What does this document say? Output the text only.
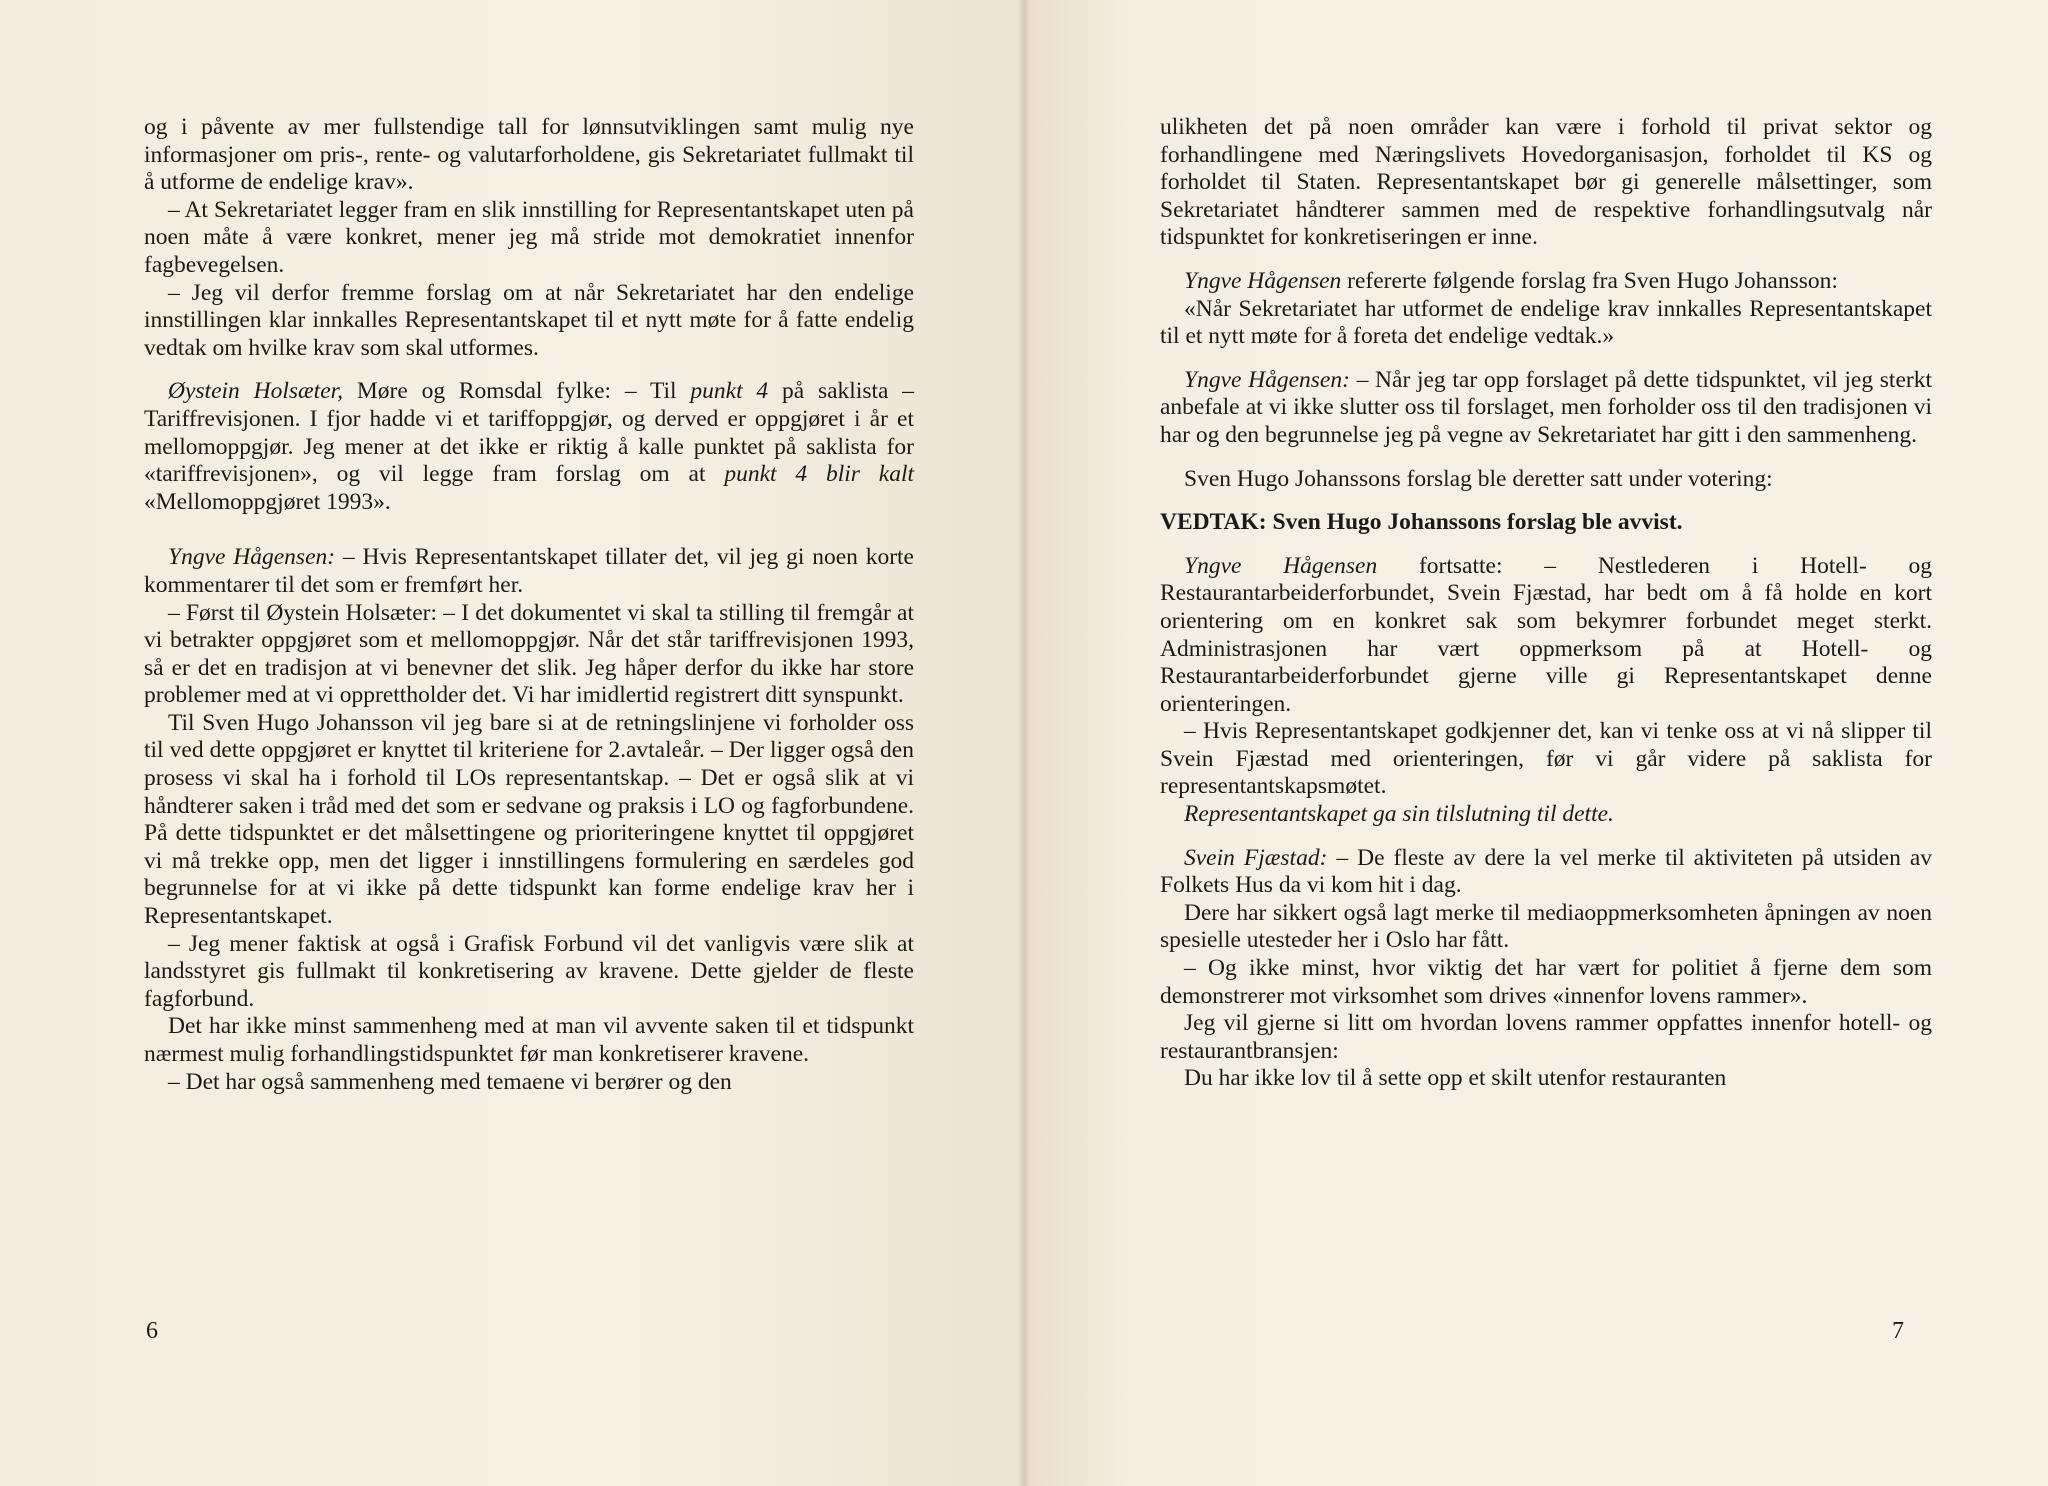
og i påvente av mer fullstendige tall for lønnsutviklingen samt mulig nye informasjoner om pris-, rente- og valutarforholdene, gis Sekretariatet fullmakt til å utforme de endelige krav».

– At Sekretariatet legger fram en slik innstilling for Representantskapet uten på noen måte å være konkret, mener jeg må stride mot demokratiet innenfor fagbevegelsen.

– Jeg vil derfor fremme forslag om at når Sekretariatet har den endelige innstillingen klar innkalles Representantskapet til et nytt møte for å fatte endelig vedtak om hvilke krav som skal utformes.

Øystein Holsæter, Møre og Romsdal fylke: – Til punkt 4 på saklista – Tariffrevisjonen. I fjor hadde vi et tariffoppgjør, og derved er oppgjøret i år et mellomoppgjør. Jeg mener at det ikke er riktig å kalle punktet på saklista for «tariffrevisjonen», og vil legge fram forslag om at punkt 4 blir kalt «Mellomoppgjøret 1993».

Yngve Hågensen: – Hvis Representantskapet tillater det, vil jeg gi noen korte kommentarer til det som er fremført her.

– Først til Øystein Holsæter: – I det dokumentet vi skal ta stilling til fremgår at vi betrakter oppgjøret som et mellomoppgjør. Når det står tariffrevisjonen 1993, så er det en tradisjon at vi benevner det slik. Jeg håper derfor du ikke har store problemer med at vi opprettholder det. Vi har imidlertid registrert ditt synspunkt.

Til Sven Hugo Johansson vil jeg bare si at de retningslinjene vi forholder oss til ved dette oppgjøret er knyttet til kriteriene for 2.avtaleår. – Der ligger også den prosess vi skal ha i forhold til LOs representantskap. – Det er også slik at vi håndterer saken i tråd med det som er sedvane og praksis i LO og fagforbundene. På dette tidspunktet er det målsettingene og prioriteringene knyttet til oppgjøret vi må trekke opp, men det ligger i innstillingens formulering en særdeles god begrunnelse for at vi ikke på dette tidspunkt kan forme endelige krav her i Representantskapet.

– Jeg mener faktisk at også i Grafisk Forbund vil det vanligvis være slik at landsstyret gis fullmakt til konkretisering av kravene. Dette gjelder de fleste fagforbund.

Det har ikke minst sammenheng med at man vil avvente saken til et tidspunkt nærmest mulig forhandlingstidspunktet før man konkretiserer kravene.

– Det har også sammenheng med temaene vi berører og den

6

ulikheten det på noen områder kan være i forhold til privat sektor og forhandlingene med Næringslivets Hovedorganisasjon, forholdet til KS og forholdet til Staten. Representantskapet bør gi generelle målsettinger, som Sekretariatet håndterer sammen med de respektive forhandlingsutvalg når tidspunktet for konkretiseringen er inne.

Yngve Hågensen refererte følgende forslag fra Sven Hugo Johansson:

«Når Sekretariatet har utformet de endelige krav innkalles Representantskapet til et nytt møte for å foreta det endelige vedtak.»

Yngve Hågensen: – Når jeg tar opp forslaget på dette tidspunktet, vil jeg sterkt anbefale at vi ikke slutter oss til forslaget, men forholder oss til den tradisjonen vi har og den begrunnelse jeg på vegne av Sekretariatet har gitt i den sammenheng.

Sven Hugo Johanssons forslag ble deretter satt under votering:

VEDTAK: Sven Hugo Johanssons forslag ble avvist.

Yngve Hågensen fortsatte: – Nestlederen i Hotell- og Restaurantarbeiderforbundet, Svein Fjæstad, har bedt om å få holde en kort orientering om en konkret sak som bekymrer forbundet meget sterkt. Administrasjonen har vært oppmerksom på at Hotell- og Restaurantarbeiderforbundet gjerne ville gi Representantskapet denne orienteringen.

– Hvis Representantskapet godkjenner det, kan vi tenke oss at vi nå slipper til Svein Fjæstad med orienteringen, før vi går videre på saklista for representantskapsmøtet.

Representantskapet ga sin tilslutning til dette.

Svein Fjæstad: – De fleste av dere la vel merke til aktiviteten på utsiden av Folkets Hus da vi kom hit i dag.

Dere har sikkert også lagt merke til mediaoppmerksomheten åpningen av noen spesielle utesteder her i Oslo har fått.

– Og ikke minst, hvor viktig det har vært for politiet å fjerne dem som demonstrerer mot virksomhet som drives «innenfor lovens rammer».

Jeg vil gjerne si litt om hvordan lovens rammer oppfattes innenfor hotell- og restaurantbransjen:

Du har ikke lov til å sette opp et skilt utenfor restauranten

7
